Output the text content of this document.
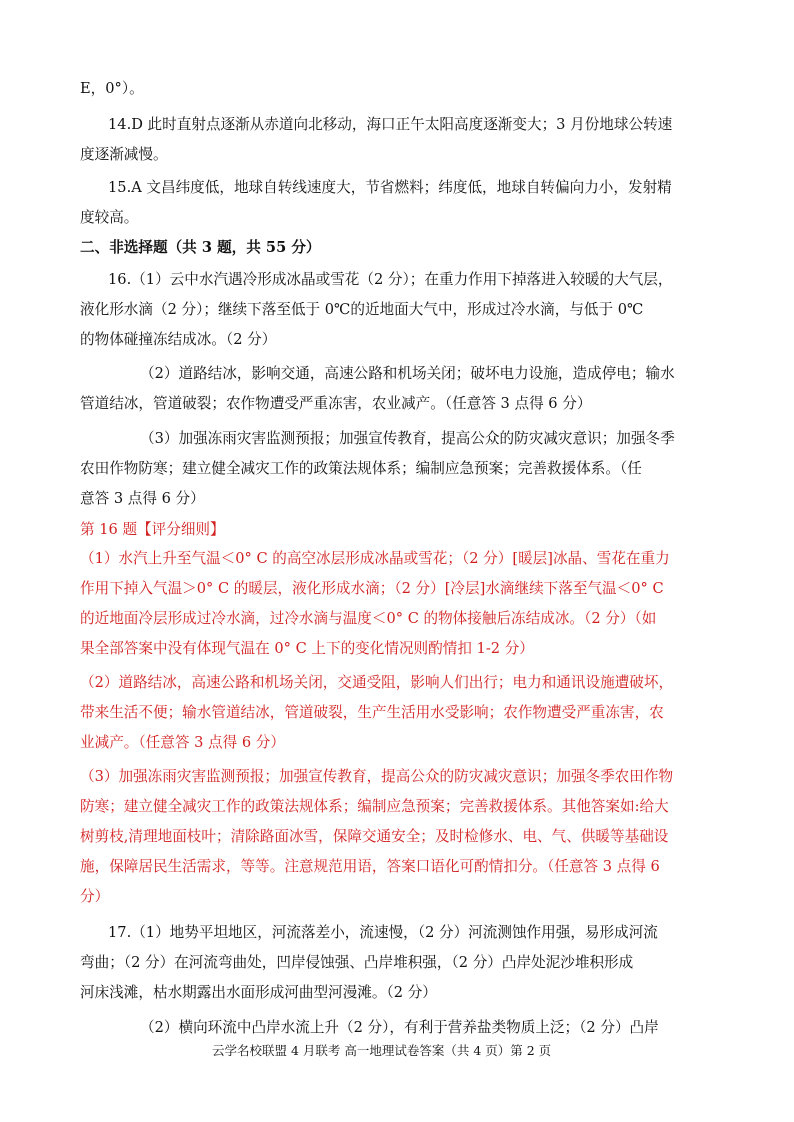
E，0°）。
14.D 此时直射点逐渐从赤道向北移动，海口正午太阳高度逐渐变大；3 月份地球公转速
度逐渐减慢。
15.A 文昌纬度低，地球自转线速度大，节省燃料；纬度低，地球自转偏向力小，发射精
度较高。
二、非选择题（共 3 题，共 55 分）
16.（1）云中水汽遇冷形成冰晶或雪花（2 分）；在重力作用下掉落进入较暖的大气层，
液化形水滴（2 分）；继续下落至低于 0℃的近地面大气中，形成过冷水滴，与低于 0℃
的物体碰撞冻结成冰。（2 分）
（2）道路结冰，影响交通，高速公路和机场关闭；破坏电力设施，造成停电；输水
管道结冰，管道破裂；农作物遭受严重冻害，农业减产。（任意答 3 点得 6 分）
（3）加强冻雨灾害监测预报；加强宣传教育，提高公众的防灾减灾意识；加强冬季
农田作物防寒；建立健全减灾工作的政策法规体系；编制应急预案；完善救援体系。（任
意答 3 点得 6 分）
第 16 题【评分细则】
（1）水汽上升至气温＜0° C 的高空冰层形成冰晶或雪花；（2 分）[暖层]冰晶、雪花在重力
作用下掉入气温＞0° C 的暖层，液化形成水滴；（2 分）[冷层]水滴继续下落至气温＜0° C
的近地面冷层形成过冷水滴，过冷水滴与温度＜0° C 的物体接触后冻结成冰。（2 分）（如
果全部答案中没有体现气温在 0° C 上下的变化情况则酌情扣 1-2 分）
（2）道路结冰，高速公路和机场关闭，交通受阻，影响人们出行；电力和通讯设施遭破坏，
带来生活不便；输水管道结冰，管道破裂，生产生活用水受影响；农作物遭受严重冻害，农
业减产。（任意答 3 点得 6 分）
（3）加强冻雨灾害监测预报；加强宣传教育，提高公众的防灾减灾意识；加强冬季农田作物
防寒；建立健全减灾工作的政策法规体系；编制应急预案；完善救援体系。其他答案如:给大
树剪枝,清理地面枝叶；清除路面冰雪，保障交通安全；及时检修水、电、气、供暖等基础设
施，保障居民生活需求，等等。注意规范用语，答案口语化可酌情扣分。（任意答 3 点得 6
分）
17.（1）地势平坦地区，河流落差小，流速慢，（2 分）河流测蚀作用强，易形成河流
弯曲；（2 分）在河流弯曲处，凹岸侵蚀强、凸岸堆积强，（2 分）凸岸处泥沙堆积形成
河床浅滩，枯水期露出水面形成河曲型河漫滩。（2 分）
（2）横向环流中凸岸水流上升（2 分），有利于营养盐类物质上泛；（2 分）凸岸
云学名校联盟 4 月联考 高一地理试卷答案（共 4 页）第 2 页
